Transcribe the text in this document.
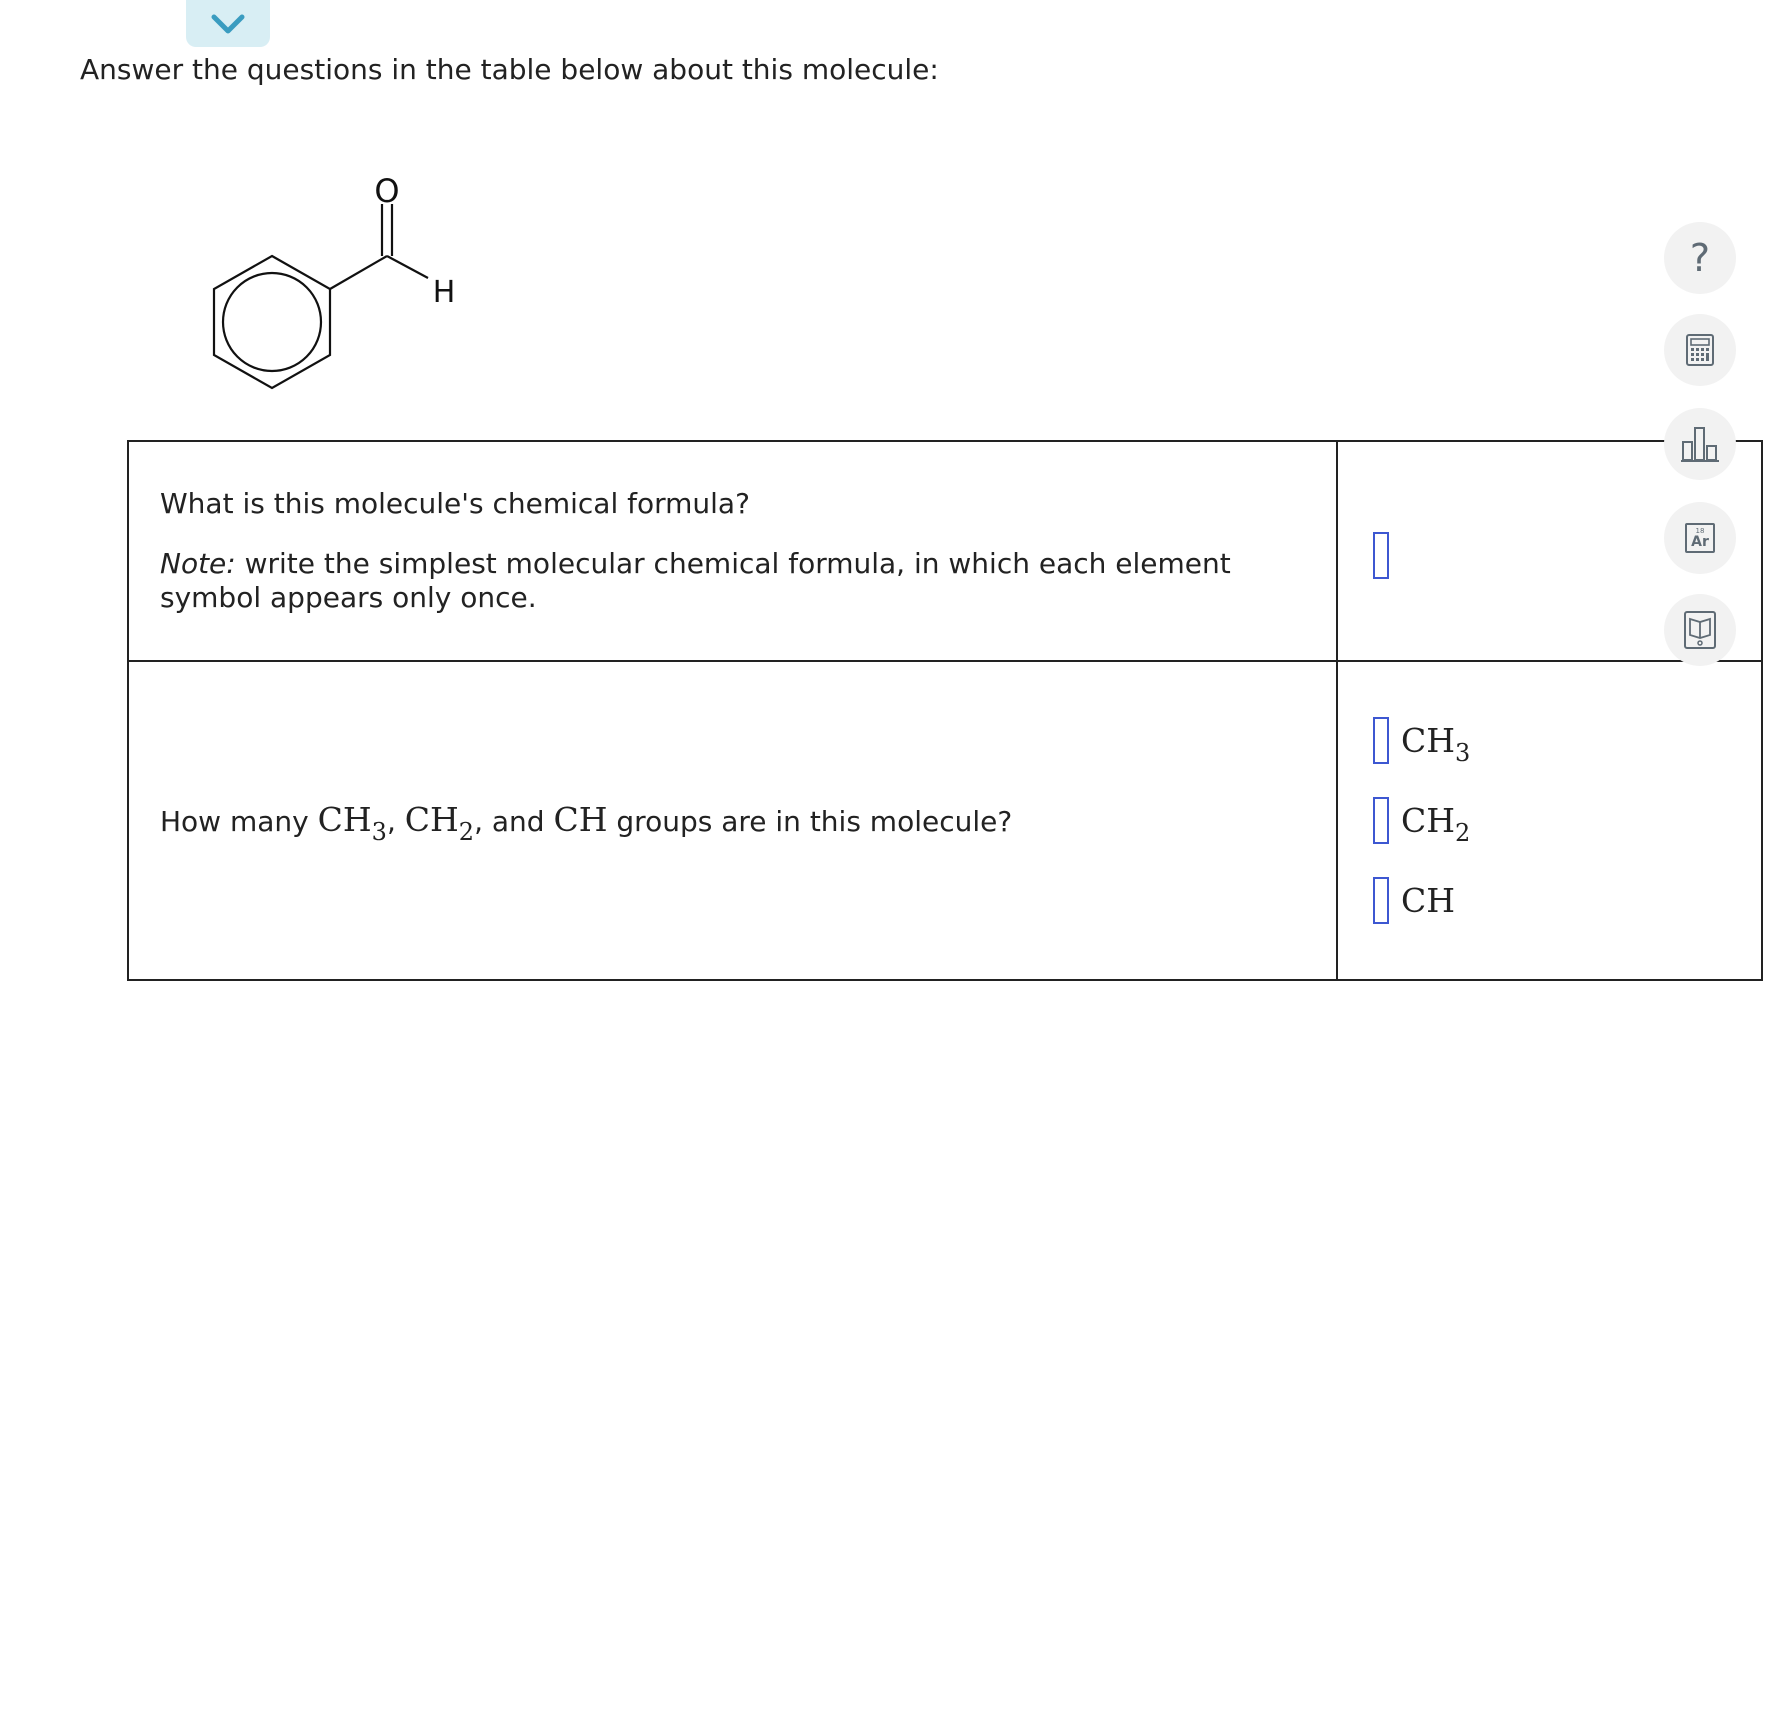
Answer the questions in the table below about this molecule:
O
H

What is this molecule's chemical formula?

Note: write the simplest molecular chemical formula, in which each element symbol appears only once.	

How many $CH_3$, $CH_2$, and CH groups are in this molecule?	$CH_3$
$CH_2$
CH
?
18
Ar
